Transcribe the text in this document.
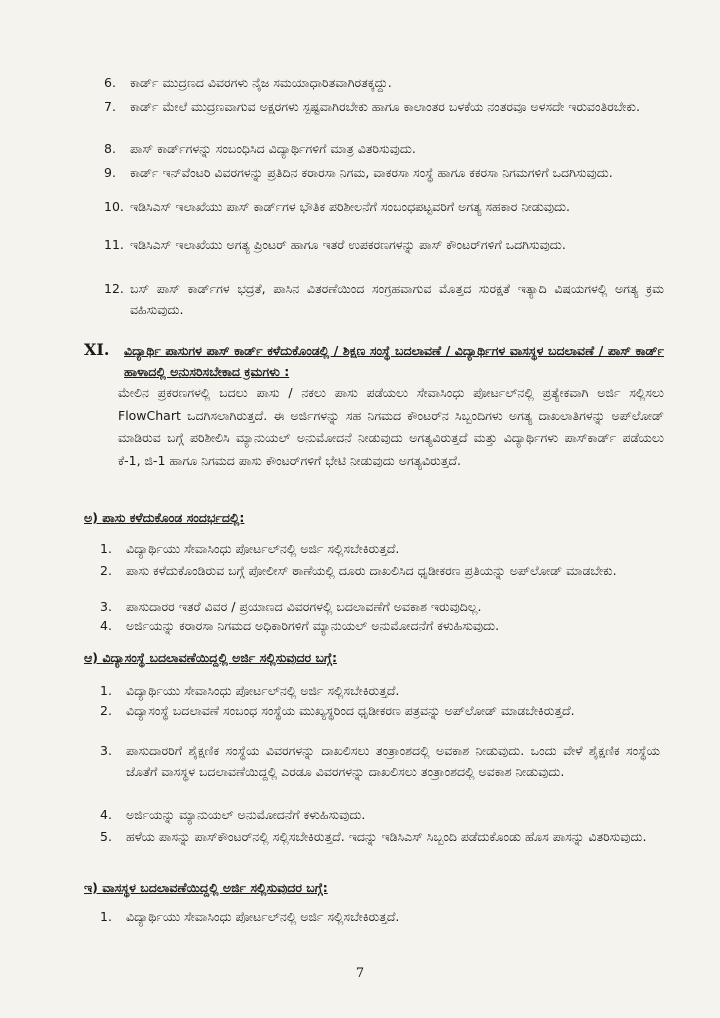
6.	ಕಾರ್ಡ್ ಮುದ್ರಣದ ವಿವರಗಳು ನೈಜ ಸಮಯಾಧಾರಿತವಾಗಿರತಕ್ಕದ್ದು.
7.	ಕಾರ್ಡ್ ಮೇಲೆ ಮುದ್ರಣವಾಗುವ ಅಕ್ಷರಗಳು ಸ್ಪಷ್ಟವಾಗಿರಬೇಕು ಹಾಗೂ ಕಾಲಾಂತರ ಬಳಕೆಯ ನಂತರವೂ ಅಳಸದೇ ಇರುವಂತಿರಬೇಕು.
8.	ಪಾಸ್ ಕಾರ್ಡ್‌ಗಳನ್ನು ಸಂಬಂಧಿಸಿದ ವಿದ್ಯಾರ್ಥಿಗಳಿಗೆ ಮಾತ್ರ ವಿತರಿಸುವುದು.
9.	ಕಾರ್ಡ್ ಇನ್‌ವೆಂಟರಿ ವಿವರಗಳನ್ನು ಪ್ರತಿದಿನ ಕರಾರಸಾ ನಿಗಮ, ವಾಕರಸಾ ಸಂಸ್ಥೆ ಹಾಗೂ ಕಕರಸಾ ನಿಗಮಗಳಿಗೆ ಒದಗಿಸುವುದು.
10. ಇಡಿಸಿಎಸ್ ಇಲಾಖೆಯು ಪಾಸ್ ಕಾರ್ಡ್‌ಗಳ ಭೌತಿಕ ಪರಿಶೀಲನೆಗೆ ಸಂಬಂಧಪಟ್ಟವರಿಗೆ ಅಗತ್ಯ ಸಹಕಾರ ನೀಡುವುದು.
11. ಇಡಿಸಿಎಸ್ ಇಲಾಖೆಯು ಅಗತ್ಯ ಪ್ರಿಂಟರ್ ಹಾಗೂ ಇತರೆ ಉಪಕರಣಗಳನ್ನು ಪಾಸ್ ಕೌಂಟರ್‌ಗಳಿಗೆ ಒದಗಿಸುವುದು.
12. ಬಸ್ ಪಾಸ್ ಕಾರ್ಡ್‌ಗಳ ಭದ್ರತೆ, ಪಾಸಿನ ವಿತರಣೆಯಿಂದ ಸಂಗ್ರಹವಾಗುವ ಮೊತ್ತದ ಸುರಕ್ಷತೆ ಇತ್ಯಾದಿ ವಿಷಯಗಳಲ್ಲಿ ಅಗತ್ಯ ಕ್ರಮ ವಹಿಸುವುದು.
XI. ವಿದ್ಯಾರ್ಥಿ ಪಾಸುಗಳ ಪಾಸ್ ಕಾರ್ಡ್ ಕಳೆದುಕೊಂಡಲ್ಲಿ / ಶಿಕ್ಷಣ ಸಂಸ್ಥೆ ಬದಲಾವಣೆ / ವಿದ್ಯಾರ್ಥಿಗಳ ವಾಸಸ್ಥಳ ಬದಲಾವಣೆ / ಪಾಸ್ ಕಾರ್ಡ್ ಹಾಳಾದಲ್ಲಿ ಅನುಸರಿಸಬೇಕಾದ ಕ್ರಮಗಳು :
ಮೇಲಿನ ಪ್ರಕರಣಗಳಲ್ಲಿ ಬದಲು ಪಾಸು / ನಕಲು ಪಾಸು ಪಡೆಯಲು ಸೇವಾಸಿಂಧು ಪೋರ್ಟಲ್‌ನಲ್ಲಿ ಪ್ರತ್ಯೇಕವಾಗಿ ಅರ್ಜಿ ಸಲ್ಲಿಸಲು FlowChart ಒದಗಿಸಲಾಗಿರುತ್ತದೆ. ಈ ಅರ್ಜಿಗಳನ್ನು ಸಹ ನಿಗಮದ ಕೌಂಟರ್‌ನ ಸಿಬ್ಬಂದಿಗಳು ಅಗತ್ಯ ದಾಖಲಾತಿಗಳನ್ನು ಅಪ್‌ಲೋಡ್ ಮಾಡಿರುವ ಬಗ್ಗೆ ಪರಿಶೀಲಿಸಿ ಮ್ಯಾನುಯಲ್ ಅನುಮೋದನೆ ನೀಡುವುದು ಅಗತ್ಯವಿರುತ್ತದೆ ಮತ್ತು ವಿದ್ಯಾರ್ಥಿಗಳು ಪಾಸ್‌ಕಾರ್ಡ್ ಪಡೆಯಲು ಕೆ-1, ಜಿ-1 ಹಾಗೂ ನಿಗಮದ ಪಾಸು ಕೌಂಟರ್‌ಗಳಿಗೆ ಭೇಟಿ ನೀಡುವುದು ಅಗತ್ಯವಿರುತ್ತದೆ.
ಅ) ಪಾಸು ಕಳೆದುಕೊಂಡ ಸಂದರ್ಭದಲ್ಲಿ:
1.	ವಿದ್ಯಾರ್ಥಿಯು ಸೇವಾಸಿಂಧು ಪೋರ್ಟಲ್‌ನಲ್ಲಿ ಅರ್ಜಿ ಸಲ್ಲಿಸಬೇಕಿರುತ್ತದೆ.
2.	ಪಾಸು ಕಳೆದುಕೊಂಡಿರುವ ಬಗ್ಗೆ ಪೋಲೀಸ್ ಠಾಣೆಯಲ್ಲಿ ದೂರು ದಾಖಲಿಸಿದ ಧೃಡೀಕರಣ ಪ್ರತಿಯನ್ನು ಅಪ್‌ಲೋಡ್ ಮಾಡಬೇಕು.
3.	ಪಾಸುದಾರರ ಇತರೆ ವಿವರ / ಪ್ರಯಾಣದ ವಿವರಗಳಲ್ಲಿ ಬದಲಾವಣೆಗೆ ಅವಕಾಶ ಇರುವುದಿಲ್ಲ.
4.	ಅರ್ಜಿಯನ್ನು ಕರಾರಸಾ ನಿಗಮದ ಅಧಿಕಾರಿಗಳಿಗೆ ಮ್ಯಾನುಯಲ್ ಅನುಮೋದನೆಗೆ ಕಳುಹಿಸುವುದು.
ಆ) ವಿದ್ಯಾಸಂಸ್ಥೆ ಬದಲಾವಣೆಯಿದ್ದಲ್ಲಿ ಅರ್ಜಿ ಸಲ್ಲಿಸುವುದರ ಬಗ್ಗೆ:
1.	ವಿದ್ಯಾರ್ಥಿಯು ಸೇವಾಸಿಂಧು ಪೋರ್ಟಲ್‌ನಲ್ಲಿ ಅರ್ಜಿ ಸಲ್ಲಿಸಬೇಕಿರುತ್ತದೆ.
2.	ವಿದ್ಯಾಸಂಸ್ಥೆ ಬದಲಾವಣೆ ಸಂಬಂಧ ಸಂಸ್ಥೆಯ ಮುಖ್ಯಸ್ಥರಿಂದ ಧೃಡೀಕರಣ ಪತ್ರವನ್ನು ಅಪ್‌ಲೋಡ್ ಮಾಡಬೇಕಿರುತ್ತದೆ.
3.	ಪಾಸುದಾರರಿಗೆ ಶೈಕ್ಷಣಿಕ ಸಂಸ್ಥೆಯ ವಿವರಗಳನ್ನು ದಾಖಲಿಸಲು ತಂತ್ರಾಂಶದಲ್ಲಿ ಅವಕಾಶ ನೀಡುವುದು. ಒಂದು ವೇಳೆ ಶೈಕ್ಷಣಿಕ ಸಂಸ್ಥೆಯ ಜೊತೆಗೆ ವಾಸಸ್ಥಳ ಬದಲಾವಣೆಯಿದ್ದಲ್ಲಿ ಎರಡೂ ವಿವರಗಳನ್ನು ದಾಖಲಿಸಲು ತಂತ್ರಾಂಶದಲ್ಲಿ ಅವಕಾಶ ನೀಡುವುದು.
4.	ಅರ್ಜಿಯನ್ನು ಮ್ಯಾನುಯಲ್ ಅನುಮೋದನೆಗೆ ಕಳುಹಿಸುವುದು.
5.	ಹಳೆಯ ಪಾಸನ್ನು ಪಾಸ್‌ಕೌಂಟರ್‌ನಲ್ಲಿ ಸಲ್ಲಿಸಬೇಕಿರುತ್ತದೆ. ಇದನ್ನು ಇಡಿಸಿಎಸ್ ಸಿಬ್ಬಂದಿ ಪಡೆದುಕೊಂಡು ಹೊಸ ಪಾಸನ್ನು ವಿತರಿಸುವುದು.
ಇ) ವಾಸಸ್ಥಳ ಬದಲಾವಣೆಯಿದ್ದಲ್ಲಿ ಅರ್ಜಿ ಸಲ್ಲಿಸುವುದರ ಬಗ್ಗೆ:
1.	ವಿದ್ಯಾರ್ಥಿಯು ಸೇವಾಸಿಂಧು ಪೋರ್ಟಲ್‌ನಲ್ಲಿ ಅರ್ಜಿ ಸಲ್ಲಿಸಬೇಕಿರುತ್ತದೆ.
7
